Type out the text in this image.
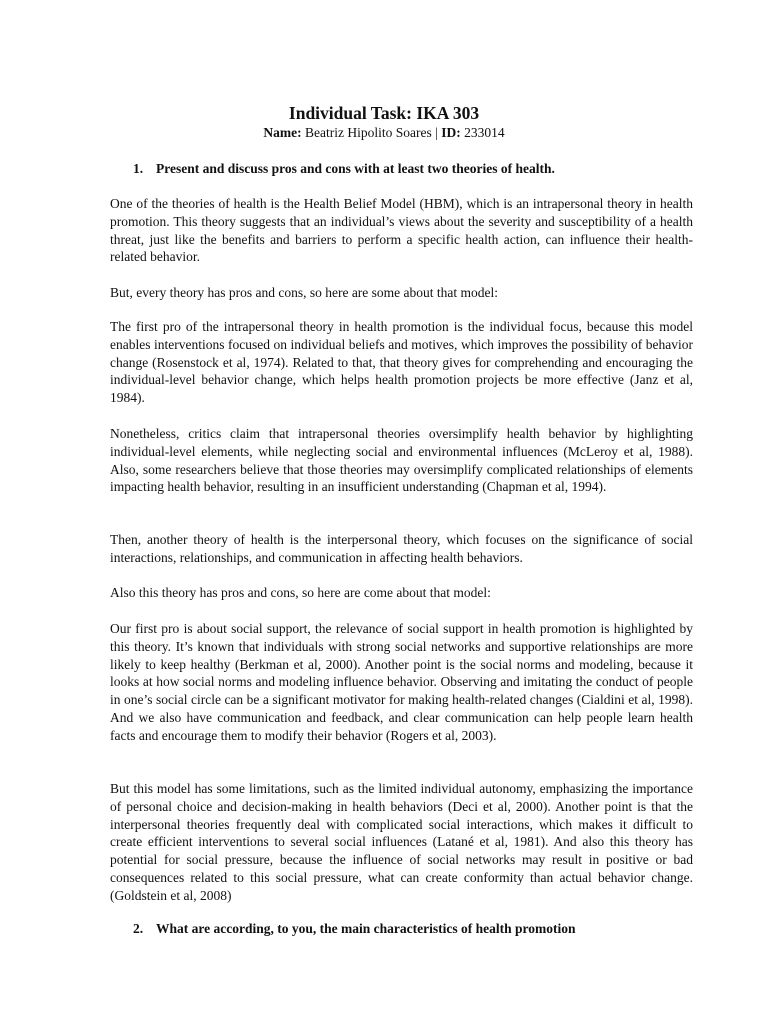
Individual Task: IKA 303
Name: Beatriz Hipolito Soares | ID: 233014
1. Present and discuss pros and cons with at least two theories of health.

One of the theories of health is the Health Belief Model (HBM), which is an intrapersonal theory in health promotion. This theory suggests that an individual’s views about the severity and susceptibility of a health threat, just like the benefits and barriers to perform a specific health action, can influence their health-related behavior.

But, every theory has pros and cons, so here are some about that model:

The first pro of the intrapersonal theory in health promotion is the individual focus, because this model enables interventions focused on individual beliefs and motives, which improves the possibility of behavior change (Rosenstock et al, 1974). Related to that, that theory gives for comprehending and encouraging the individual-level behavior change, which helps health promotion projects be more effective (Janz et al, 1984).

Nonetheless, critics claim that intrapersonal theories oversimplify health behavior by highlighting individual-level elements, while neglecting social and environmental influences (McLeroy et al, 1988). Also, some researchers believe that those theories may oversimplify complicated relationships of elements impacting health behavior, resulting in an insufficient understanding (Chapman et al, 1994).

Then, another theory of health is the interpersonal theory, which focuses on the significance of social interactions, relationships, and communication in affecting health behaviors.

Also this theory has pros and cons, so here are come about that model:

Our first pro is about social support, the relevance of social support in health promotion is highlighted by this theory. It’s known that individuals with strong social networks and supportive relationships are more likely to keep healthy (Berkman et al, 2000). Another point is the social norms and modeling, because it looks at how social norms and modeling influence behavior. Observing and imitating the conduct of people in one’s social circle can be a significant motivator for making health-related changes (Cialdini et al, 1998). And we also have communication and feedback, and clear communication can help people learn health facts and encourage them to modify their behavior (Rogers et al, 2003).

But this model has some limitations, such as the limited individual autonomy, emphasizing the importance of personal choice and decision-making in health behaviors (Deci et al, 2000). Another point is that the interpersonal theories frequently deal with complicated social interactions, which makes it difficult to create efficient interventions to several social influences (Latané et al, 1981). And also this theory has potential for social pressure, because the influence of social networks may result in positive or bad consequences related to this social pressure, what can create conformity than actual behavior change. (Goldstein et al, 2008)

2. What are according, to you, the main characteristics of health promotion
